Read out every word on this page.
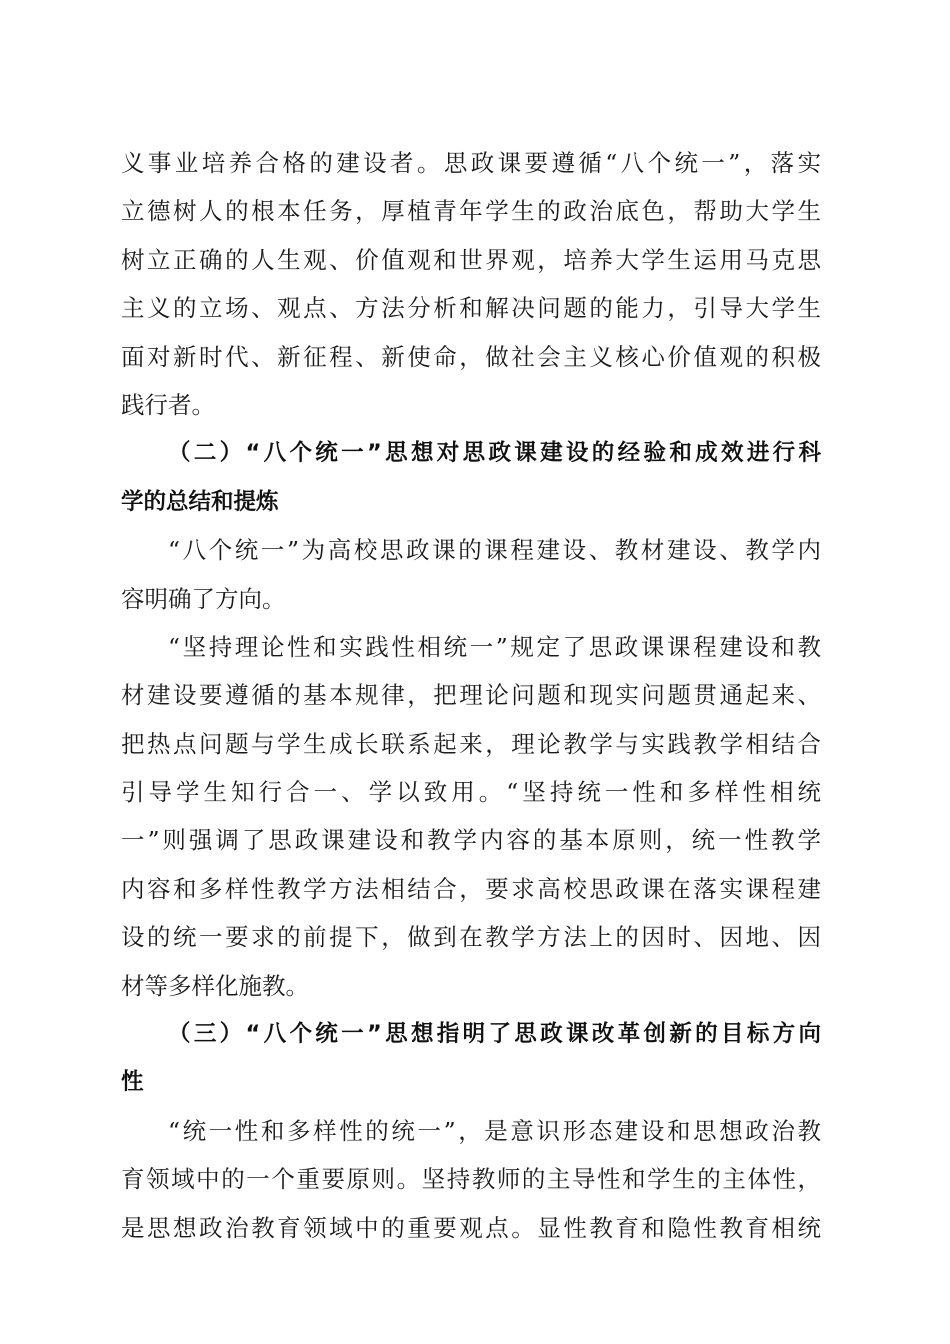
义事业培养合格的建设者。思政课要遵循“八个统一”，落实
立德树人的根本任务，厚植青年学生的政治底色，帮助大学生
树立正确的人生观、价值观和世界观，培养大学生运用马克思
主义的立场、观点、方法分析和解决问题的能力，引导大学生
面对新时代、新征程、新使命，做社会主义核心价值观的积极
践行者。
（二）“八个统一”思想对思政课建设的经验和成效进行科
学的总结和提炼
“八个统一”为高校思政课的课程建设、教材建设、教学内
容明确了方向。
“坚持理论性和实践性相统一”规定了思政课课程建设和教
材建设要遵循的基本规律，把理论问题和现实问题贯通起来、
把热点问题与学生成长联系起来，理论教学与实践教学相结合
引导学生知行合一、学以致用。“坚持统一性和多样性相统
一”则强调了思政课建设和教学内容的基本原则，统一性教学
内容和多样性教学方法相结合，要求高校思政课在落实课程建
设的统一要求的前提下，做到在教学方法上的因时、因地、因
材等多样化施教。
（三）“八个统一”思想指明了思政课改革创新的目标方向
性
“统一性和多样性的统一”，是意识形态建设和思想政治教
育领域中的一个重要原则。坚持教师的主导性和学生的主体性，
是思想政治教育领域中的重要观点。显性教育和隐性教育相统
